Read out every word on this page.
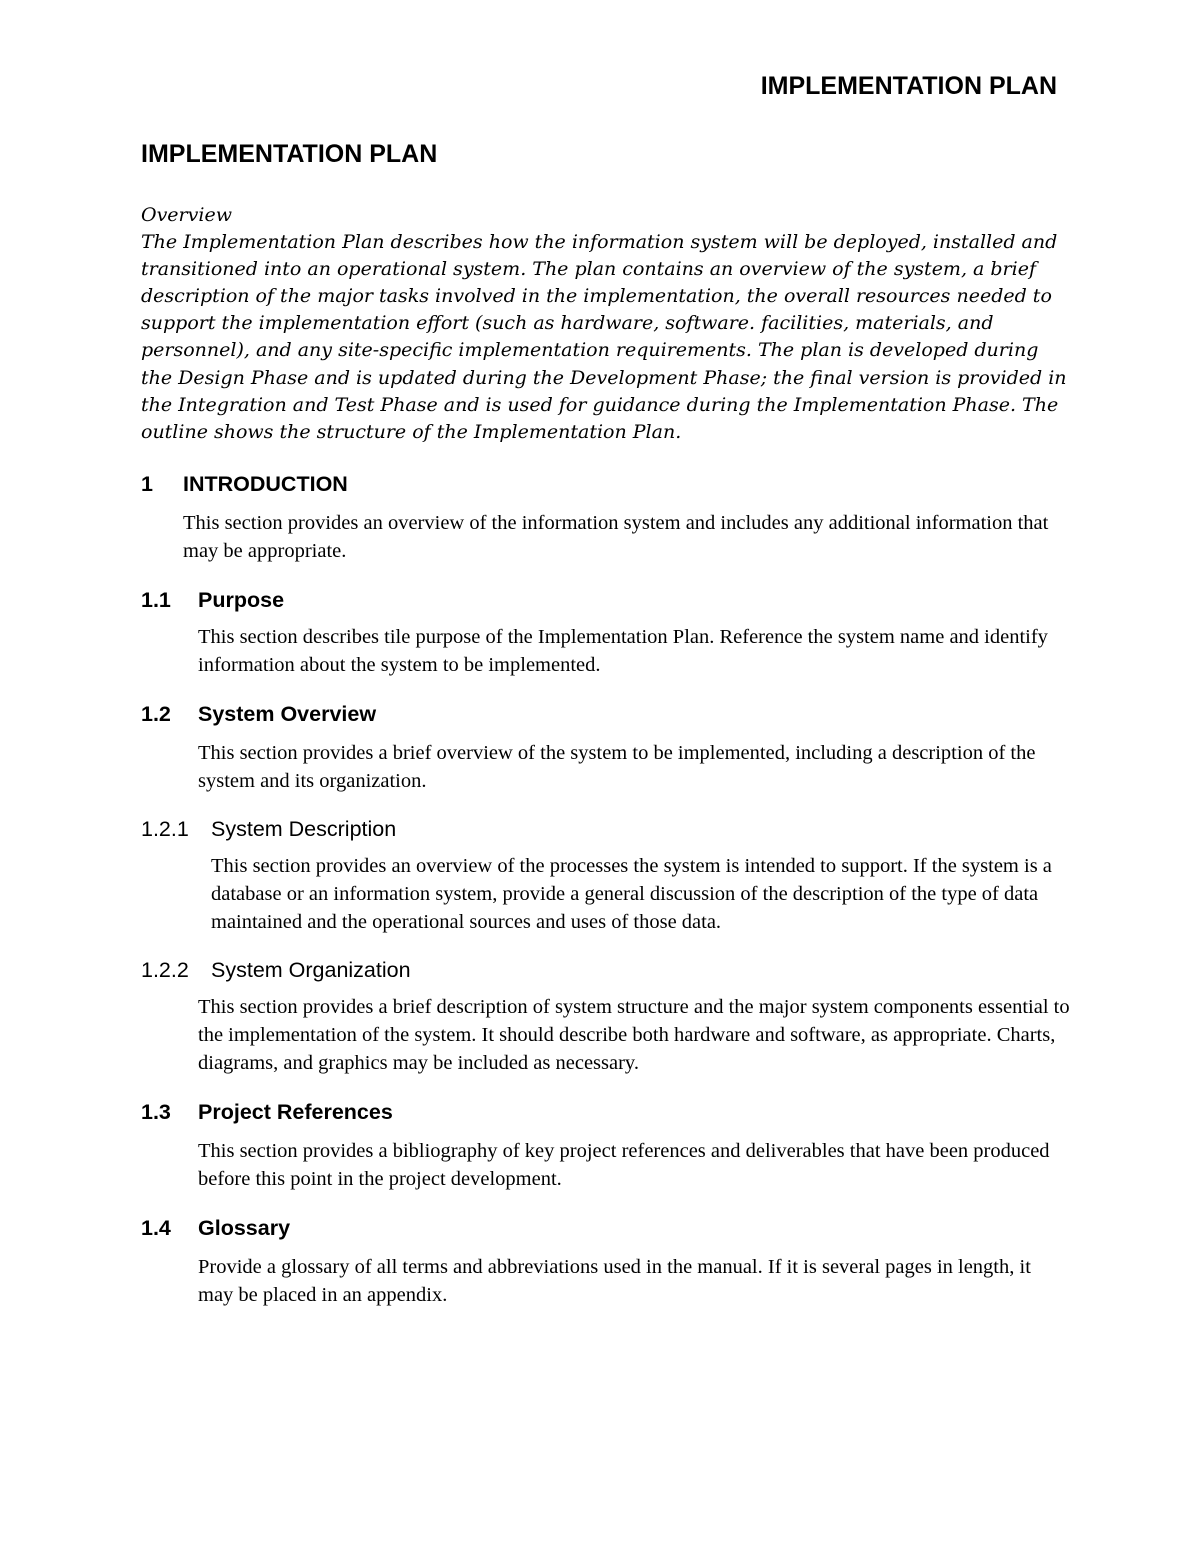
IMPLEMENTATION PLAN

IMPLEMENTATION PLAN

Overview

The Implementation Plan describes how the information system will be deployed, installed and transitioned into an operational system. The plan contains an overview of the system, a brief description of the major tasks involved in the implementation, the overall resources needed to support the implementation effort (such as hardware, software. facilities, materials, and personnel), and any site-specific implementation requirements. The plan is developed during the Design Phase and is updated during the Development Phase; the final version is provided in the Integration and Test Phase and is used for guidance during the Implementation Phase. The outline shows the structure of the Implementation Plan.

1	INTRODUCTION

This section provides an overview of the information system and includes any additional information that may be appropriate.

1.1	Purpose

This section describes tile purpose of the Implementation Plan. Reference the system name and identify information about the system to be implemented.

1.2	System Overview

This section provides a brief overview of the system to be implemented, including a description of the system and its organization.

1.2.1	System Description

This section provides an overview of the processes the system is intended to support. If the system is a database or an information system, provide a general discussion of the description of the type of data maintained and the operational sources and uses of those data.

1.2.2	System Organization

This section provides a brief description of system structure and the major system components essential to the implementation of the system. It should describe both hardware and software, as appropriate. Charts, diagrams, and graphics may be included as necessary.

1.3	Project References

This section provides a bibliography of key project references and deliverables that have been produced before this point in the project development.

1.4	Glossary

Provide a glossary of all terms and abbreviations used in the manual. If it is several pages in length, it may be placed in an appendix.
